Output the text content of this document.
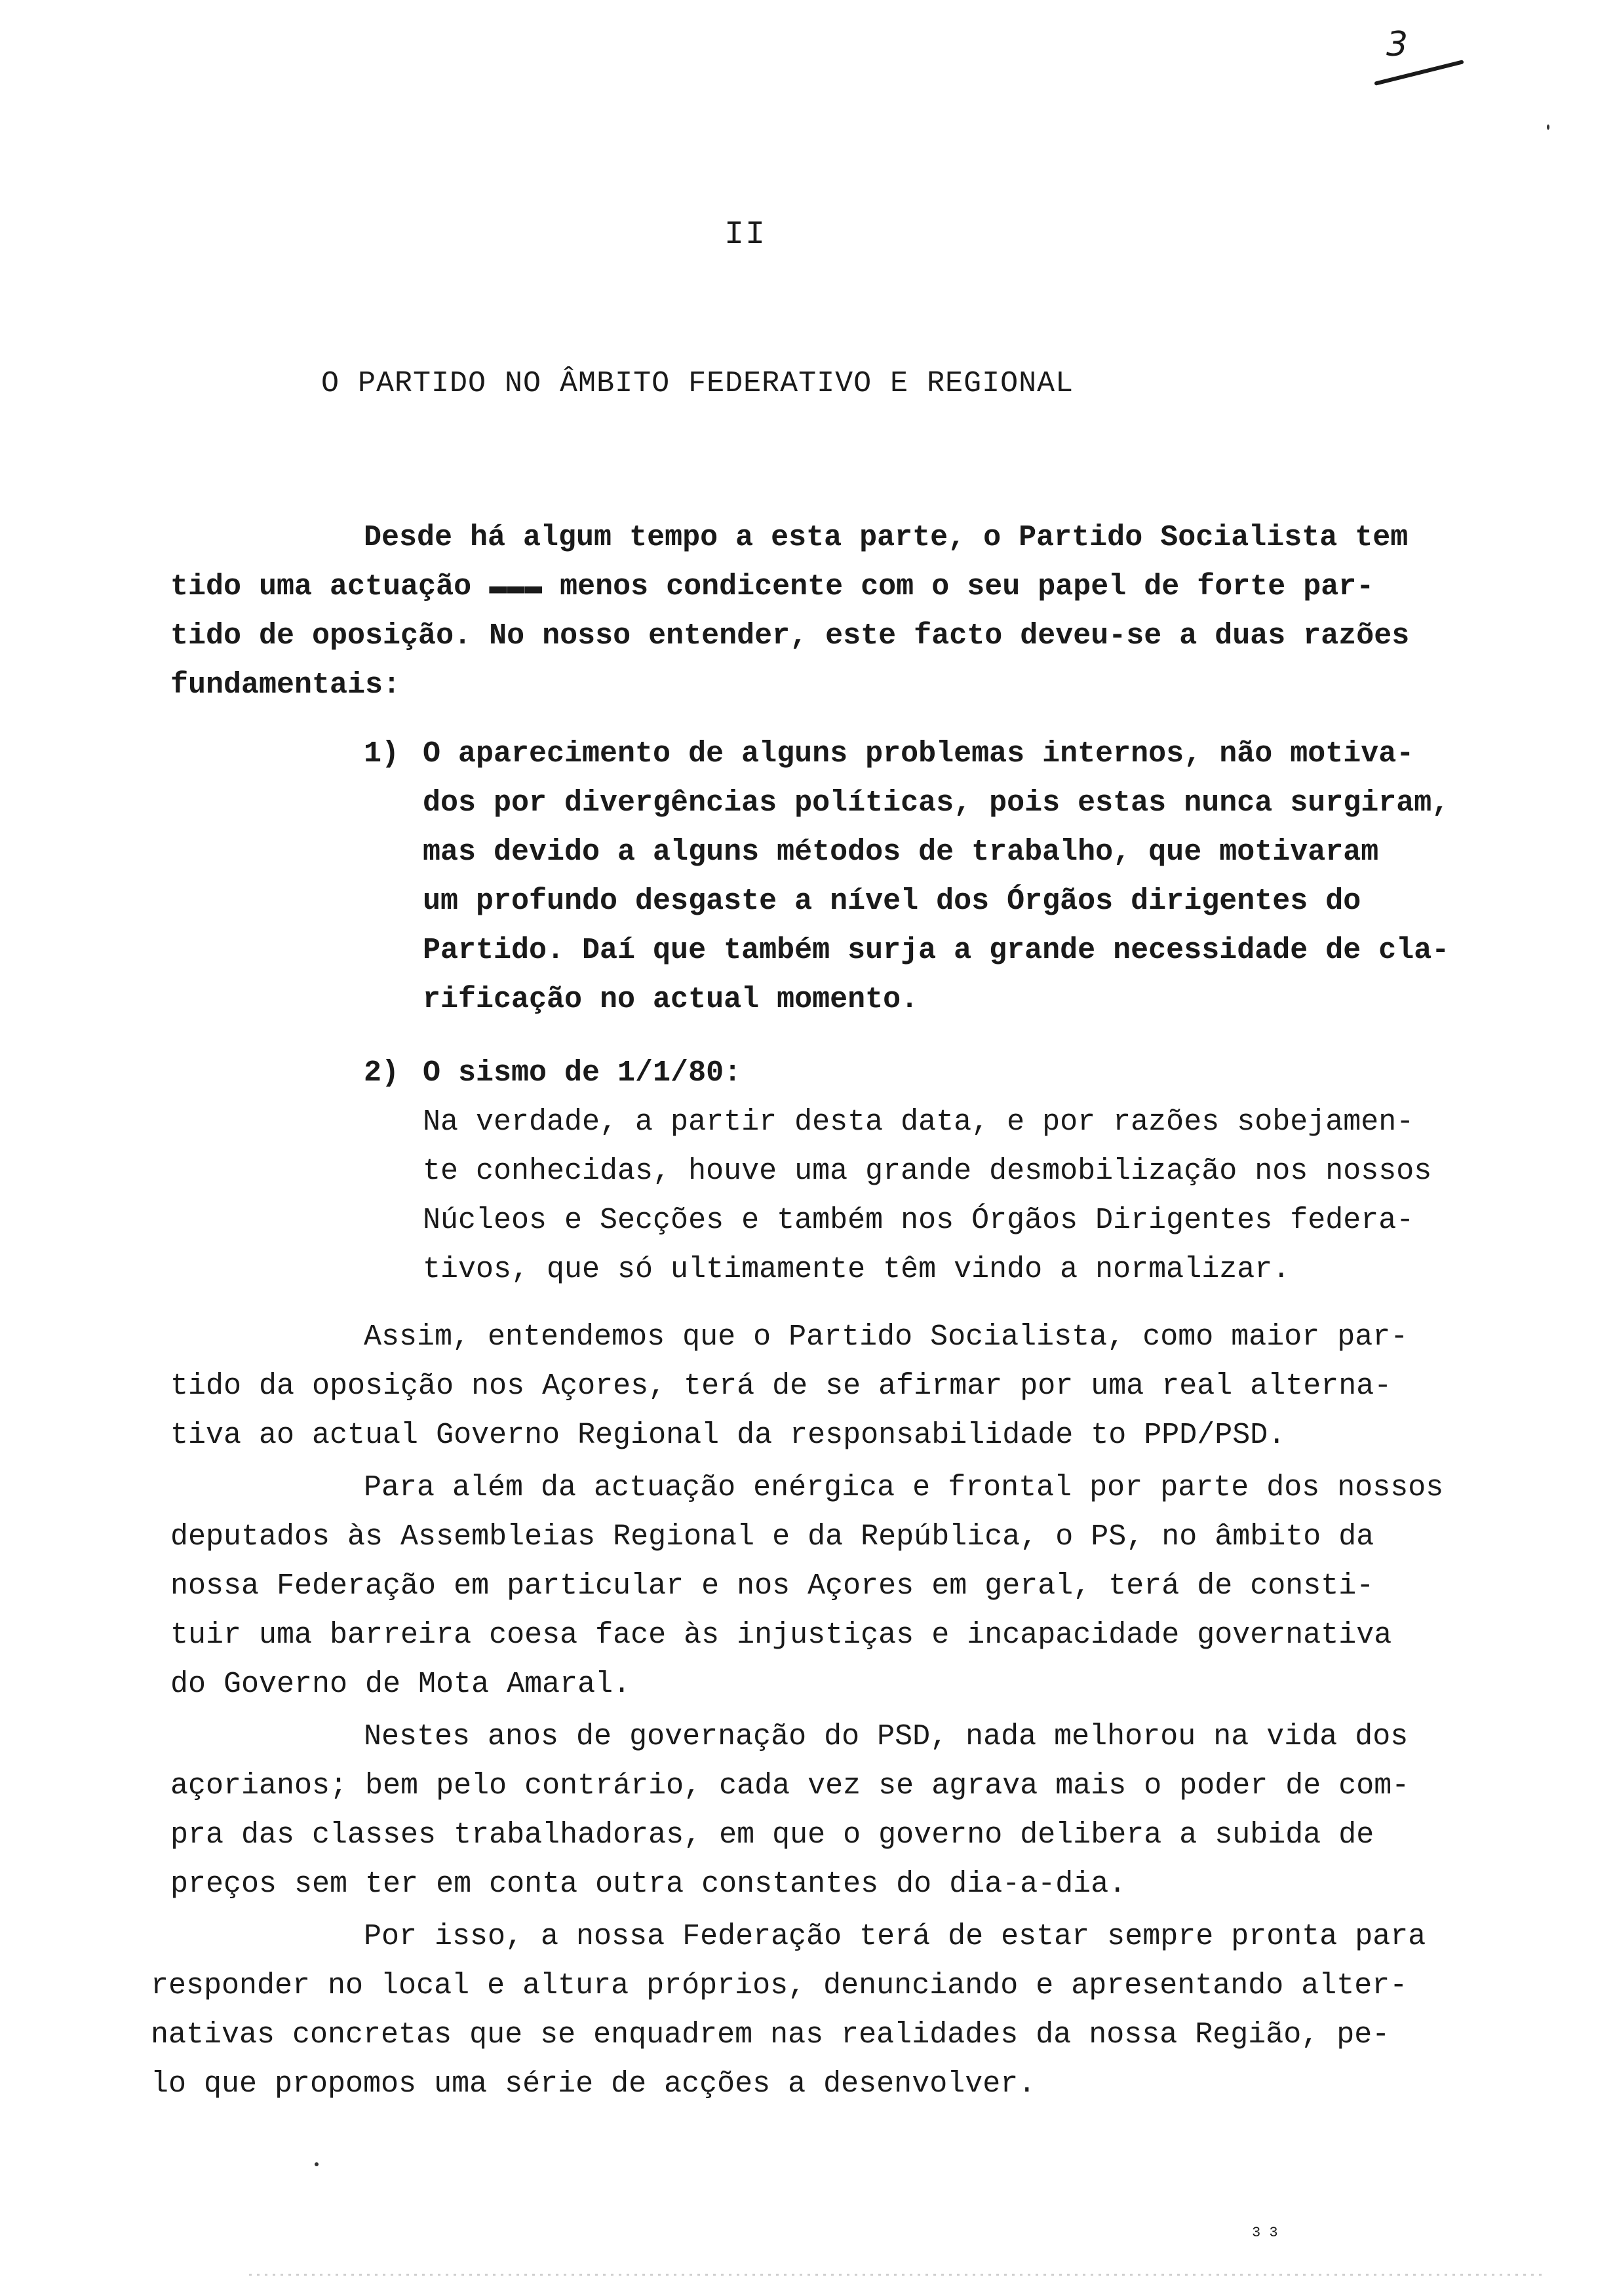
3
II
O PARTIDO NO ÂMBITO FEDERATIVO E REGIONAL
Desde há algum tempo a esta parte, o Partido Socialista tem
tido uma actuação ▬▬▬ menos condicente com o seu papel de forte par-
tido de oposição. No nosso entender, este facto deveu-se a duas razões
fundamentais:
1) O aparecimento de alguns problemas internos, não motiva-
dos por divergências políticas, pois estas nunca surgiram,
mas devido a alguns métodos de trabalho, que motivaram
um profundo desgaste a nível dos Órgãos dirigentes do
Partido. Daí que também surja a grande necessidade de cla-
rificação no actual momento.
2) O sismo de 1/1/80:
Na verdade, a partir desta data, e por razões sobejamen-
te conhecidas, houve uma grande desmobilização nos nossos
Núcleos e Secções e também nos Órgãos Dirigentes federa-
tivos, que só ultimamente têm vindo a normalizar.
Assim, entendemos que o Partido Socialista, como maior par-
tido da oposição nos Açores, terá de se afirmar por uma real alterna-
tiva ao actual Governo Regional da responsabilidade to PPD/PSD.
Para além da actuação enérgica e frontal por parte dos nossos
deputados às Assembleias Regional e da República, o PS, no âmbito da
nossa Federação em particular e nos Açores em geral, terá de consti-
tuir uma barreira coesa face às injustiças e incapacidade governativa
do Governo de Mota Amaral.
Nestes anos de governação do PSD, nada melhorou na vida dos
açorianos; bem pelo contrário, cada vez se agrava mais o poder de com-
pra das classes trabalhadoras, em que o governo delibera a subida de
preços sem ter em conta outra constantes do dia-a-dia.
Por isso, a nossa Federação terá de estar sempre pronta para
responder no local e altura próprios, denunciando e apresentando alter-
nativas concretas que se enquadrem nas realidades da nossa Região, pe-
lo que propomos uma série de acções a desenvolver.
3 3
